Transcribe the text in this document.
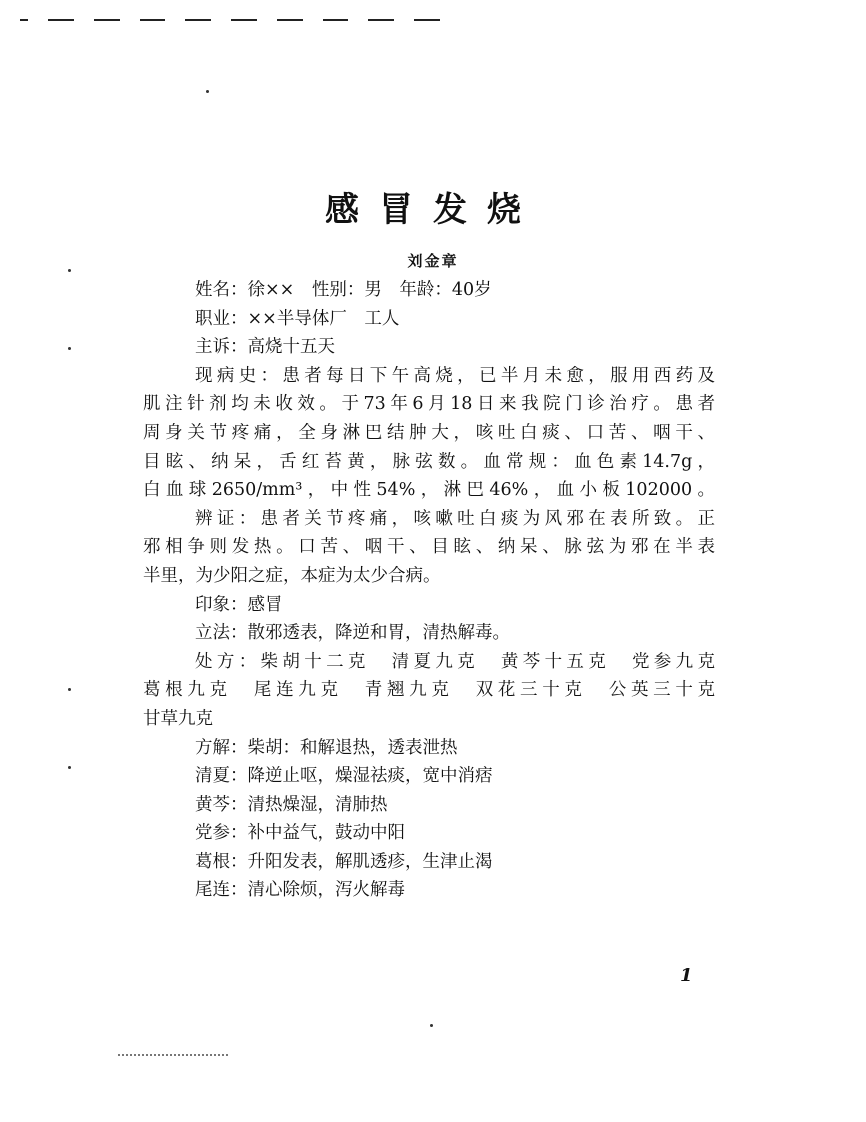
感冒发烧
刘金章
姓名：徐××　性别：男　年龄：40岁
职业：××半导体厂　工人
主诉：高烧十五天
现病史：患者每日下午高烧，已半月未愈，服用西药及
肌注针剂均未收效。于73年6月18日来我院门诊治疗。患者
周身关节疼痛，全身淋巴结肿大，咳吐白痰、口苦、咽干、
目眩、纳呆，舌红苔黄，脉弦数。血常规：血色素14.7g，
白血球2650/mm³，中性54%，淋巴46%，血小板102000。
辨证：患者关节疼痛，咳嗽吐白痰为风邪在表所致。正
邪相争则发热。口苦、咽干、目眩、纳呆、脉弦为邪在半表
半里，为少阳之症，本症为太少合病。
印象：感冒
立法：散邪透表，降逆和胃，清热解毒。
处方：柴胡十二克　清夏九克　黄芩十五克　党参九克
葛根九克　尾连九克　青翘九克　双花三十克　公英三十克
甘草九克
方解：柴胡：和解退热，透表泄热
清夏：降逆止呕，燥湿祛痰，宽中消痞
黄芩：清热燥湿，清肺热
党参：补中益气，鼓动中阳
葛根：升阳发表，解肌透疹，生津止渴
尾连：清心除烦，泻火解毒
1
